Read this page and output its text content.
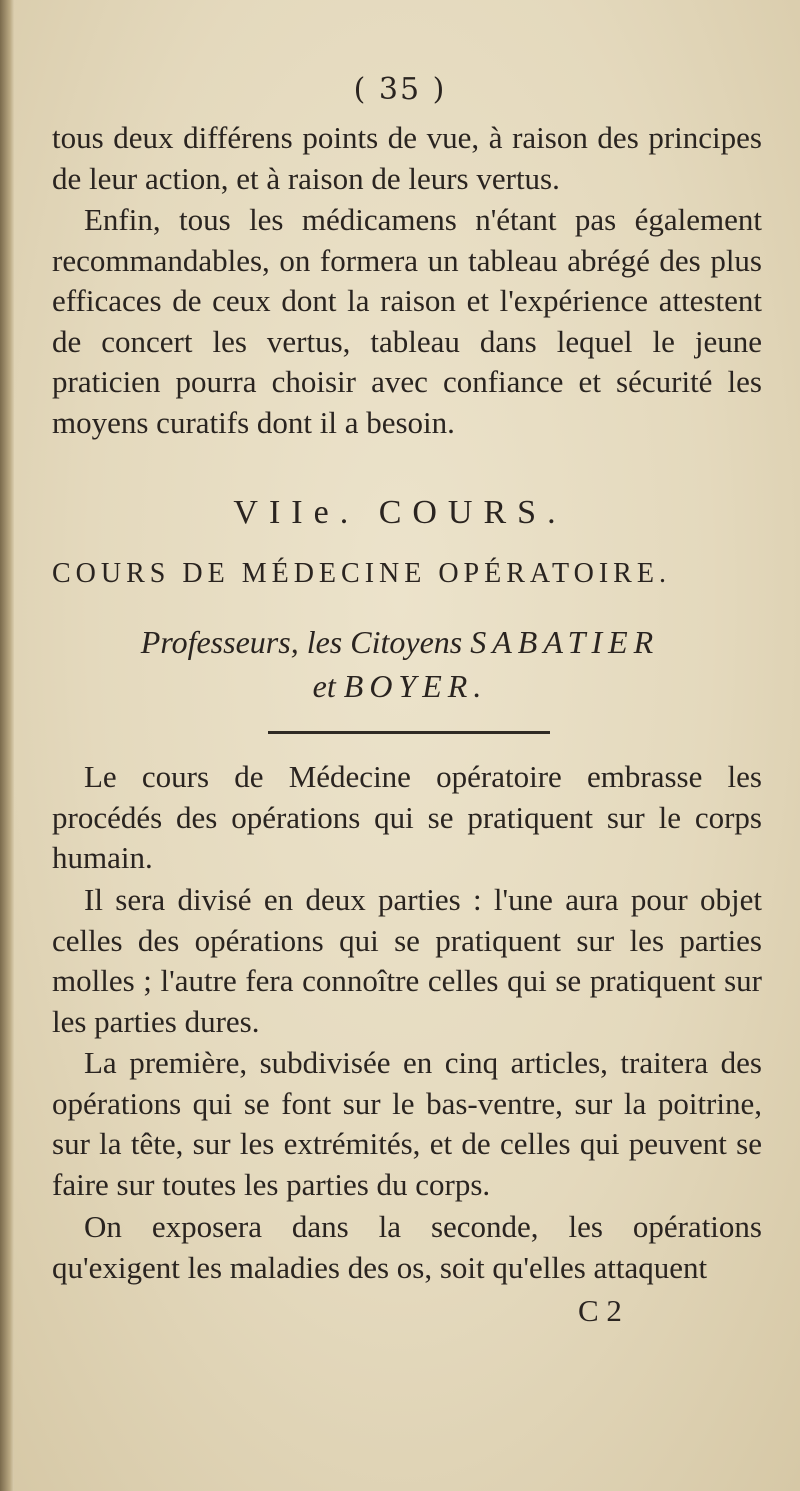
( 35 )

tous deux différens points de vue, à raison des principes de leur action, et à raison de leurs vertus.

Enfin, tous les médicamens n'étant pas également recommandables, on formera un tableau abrégé des plus efficaces de ceux dont la raison et l'expérience attestent de concert les vertus, tableau dans lequel le jeune praticien pourra choisir avec confiance et sécurité les moyens curatifs dont il a besoin.

VIIe. COURS.
COURS DE MÉDECINE OPÉRATOIRE.
Professeurs, les Citoyens SABATIER
et BOYER.

Le cours de Médecine opératoire embrasse les procédés des opérations qui se pratiquent sur le corps humain.

Il sera divisé en deux parties : l'une aura pour objet celles des opérations qui se pratiquent sur les parties molles ; l'autre fera connoître celles qui se pratiquent sur les parties dures.

La première, subdivisée en cinq articles, traitera des opérations qui se font sur le bas-ventre, sur la poitrine, sur la tête, sur les extrémités, et de celles qui peuvent se faire sur toutes les parties du corps.

On exposera dans la seconde, les opérations qu'exigent les maladies des os, soit qu'elles attaquent

C 2
